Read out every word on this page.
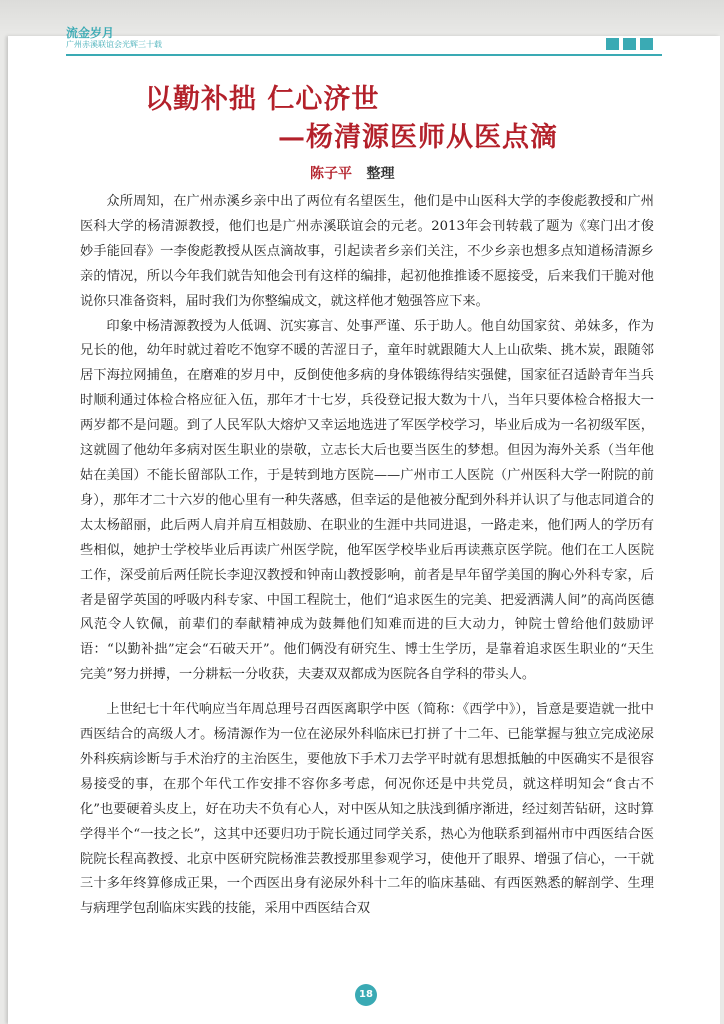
流金岁月
广州赤溪联谊会光辉三十载
以勤补拙 仁心济世
—杨清源医师从医点滴
陈子平 整理

众所周知，在广州赤溪乡亲中出了两位有名望医生，他们是中山医科大学的李俊彪教授和广州医科大学的杨清源教授，他们也是广州赤溪联谊会的元老。2013年会刊转载了题为《寒门出才俊 妙手能回春》一李俊彪教授从医点滴故事，引起读者乡亲们关注，不少乡亲也想多点知道杨清源乡亲的情况，所以今年我们就告知他会刊有这样的编排，起初他推推诿不愿接受，后来我们干脆对他说你只准备资料，届时我们为你整编成文，就这样他才勉强答应下来。

印象中杨清源教授为人低调、沉实寡言、处事严谨、乐于助人。他自幼国家贫、弟妹多，作为兄长的他，幼年时就过着吃不饱穿不暖的苦涩日子，童年时就跟随大人上山砍柴、挑木炭，跟随邻居下海拉网捕鱼，在磨难的岁月中，反倒使他多病的身体锻练得结实强健，国家征召适龄青年当兵时顺利通过体检合格应征入伍，那年才十七岁，兵役登记报大数为十八，当年只要体检合格报大一两岁都不是问题。到了人民军队大熔炉又幸运地选进了军医学校学习，毕业后成为一名初级军医，这就圆了他幼年多病对医生职业的崇敬，立志长大后也要当医生的梦想。但因为海外关系（当年他姑在美国）不能长留部队工作，于是转到地方医院——广州市工人医院（广州医科大学一附院的前身），那年才二十六岁的他心里有一种失落感，但幸运的是他被分配到外科并认识了与他志同道合的太太杨韶丽，此后两人肩并肩互相鼓励、在职业的生涯中共同进退，一路走来，他们两人的学历有些相似，她护士学校毕业后再读广州医学院，他军医学校毕业后再读燕京医学院。他们在工人医院工作，深受前后两任院长李迎汉教授和钟南山教授影响，前者是早年留学美国的胸心外科专家，后者是留学英国的呼吸内科专家、中国工程院士，他们“追求医生的完美、把爱洒满人间”的高尚医德风范令人钦佩，前辈们的奉献精神成为鼓舞他们知难而进的巨大动力，钟院士曾给他们鼓励评语：“以勤补拙”定会“石破天开”。他们俩没有研究生、博士生学历，是靠着追求医生职业的“天生完美”努力拼搏，一分耕耘一分收获，夫妻双双都成为医院各自学科的带头人。

上世纪七十年代响应当年周总理号召西医离职学中医（简称：《西学中》），旨意是要造就一批中西医结合的高级人才。杨清源作为一位在泌尿外科临床已打拼了十二年、已能掌握与独立完成泌尿外科疾病诊断与手术治疗的主治医生，要他放下手术刀去学平时就有思想抵触的中医确实不是很容易接受的事，在那个年代工作安排不容你多考虑，何况你还是中共党员，就这样明知会“食古不化”也要硬着头皮上，好在功夫不负有心人，对中医从知之肤浅到循序渐进，经过刻苦钻研，这时算学得半个“一技之长”，这其中还要归功于院长通过同学关系，热心为他联系到福州市中西医结合医院院长程高教授、北京中医研究院杨淮芸教授那里参观学习，使他开了眼界、增强了信心，一干就三十多年终算修成正果，一个西医出身有泌尿外科十二年的临床基础、有西医熟悉的解剖学、生理与病理学包刮临床实践的技能，采用中西医结合双

18
